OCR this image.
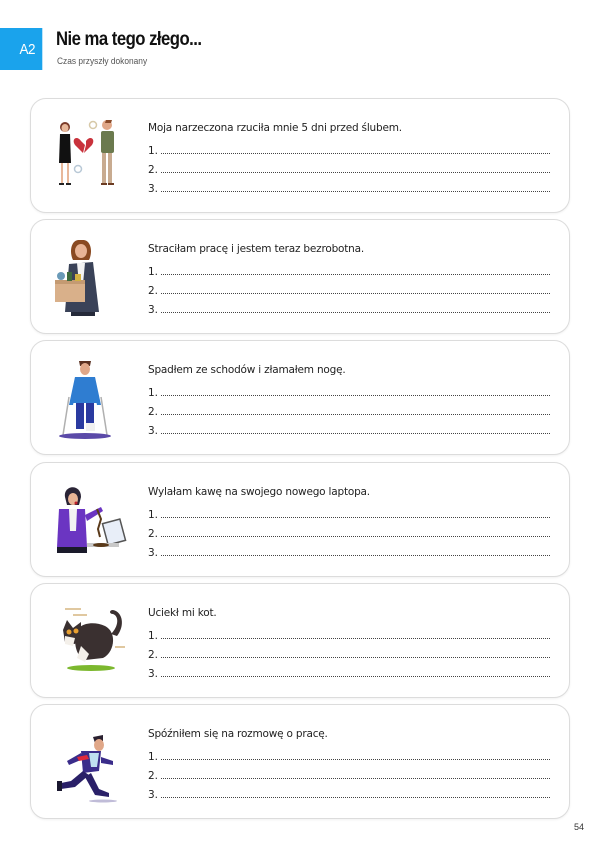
A2	Nie ma tego złego...
Czas przyszły dokonany
Moja narzeczona rzuciła mnie 5 dni przed ślubem.
1.
2.
3.
Straciłam pracę i jestem teraz bezrobotna.
1.
2.
3.
Spadłem ze schodów i złamałem nogę.
1.
2.
3.
Wylałam kawę na swojego nowego laptopa.
1.
2.
3.
Uciekł mi kot.
1.
2.
3.
Spóźniłem się na rozmowę o pracę.
1.
2.
3.
54
